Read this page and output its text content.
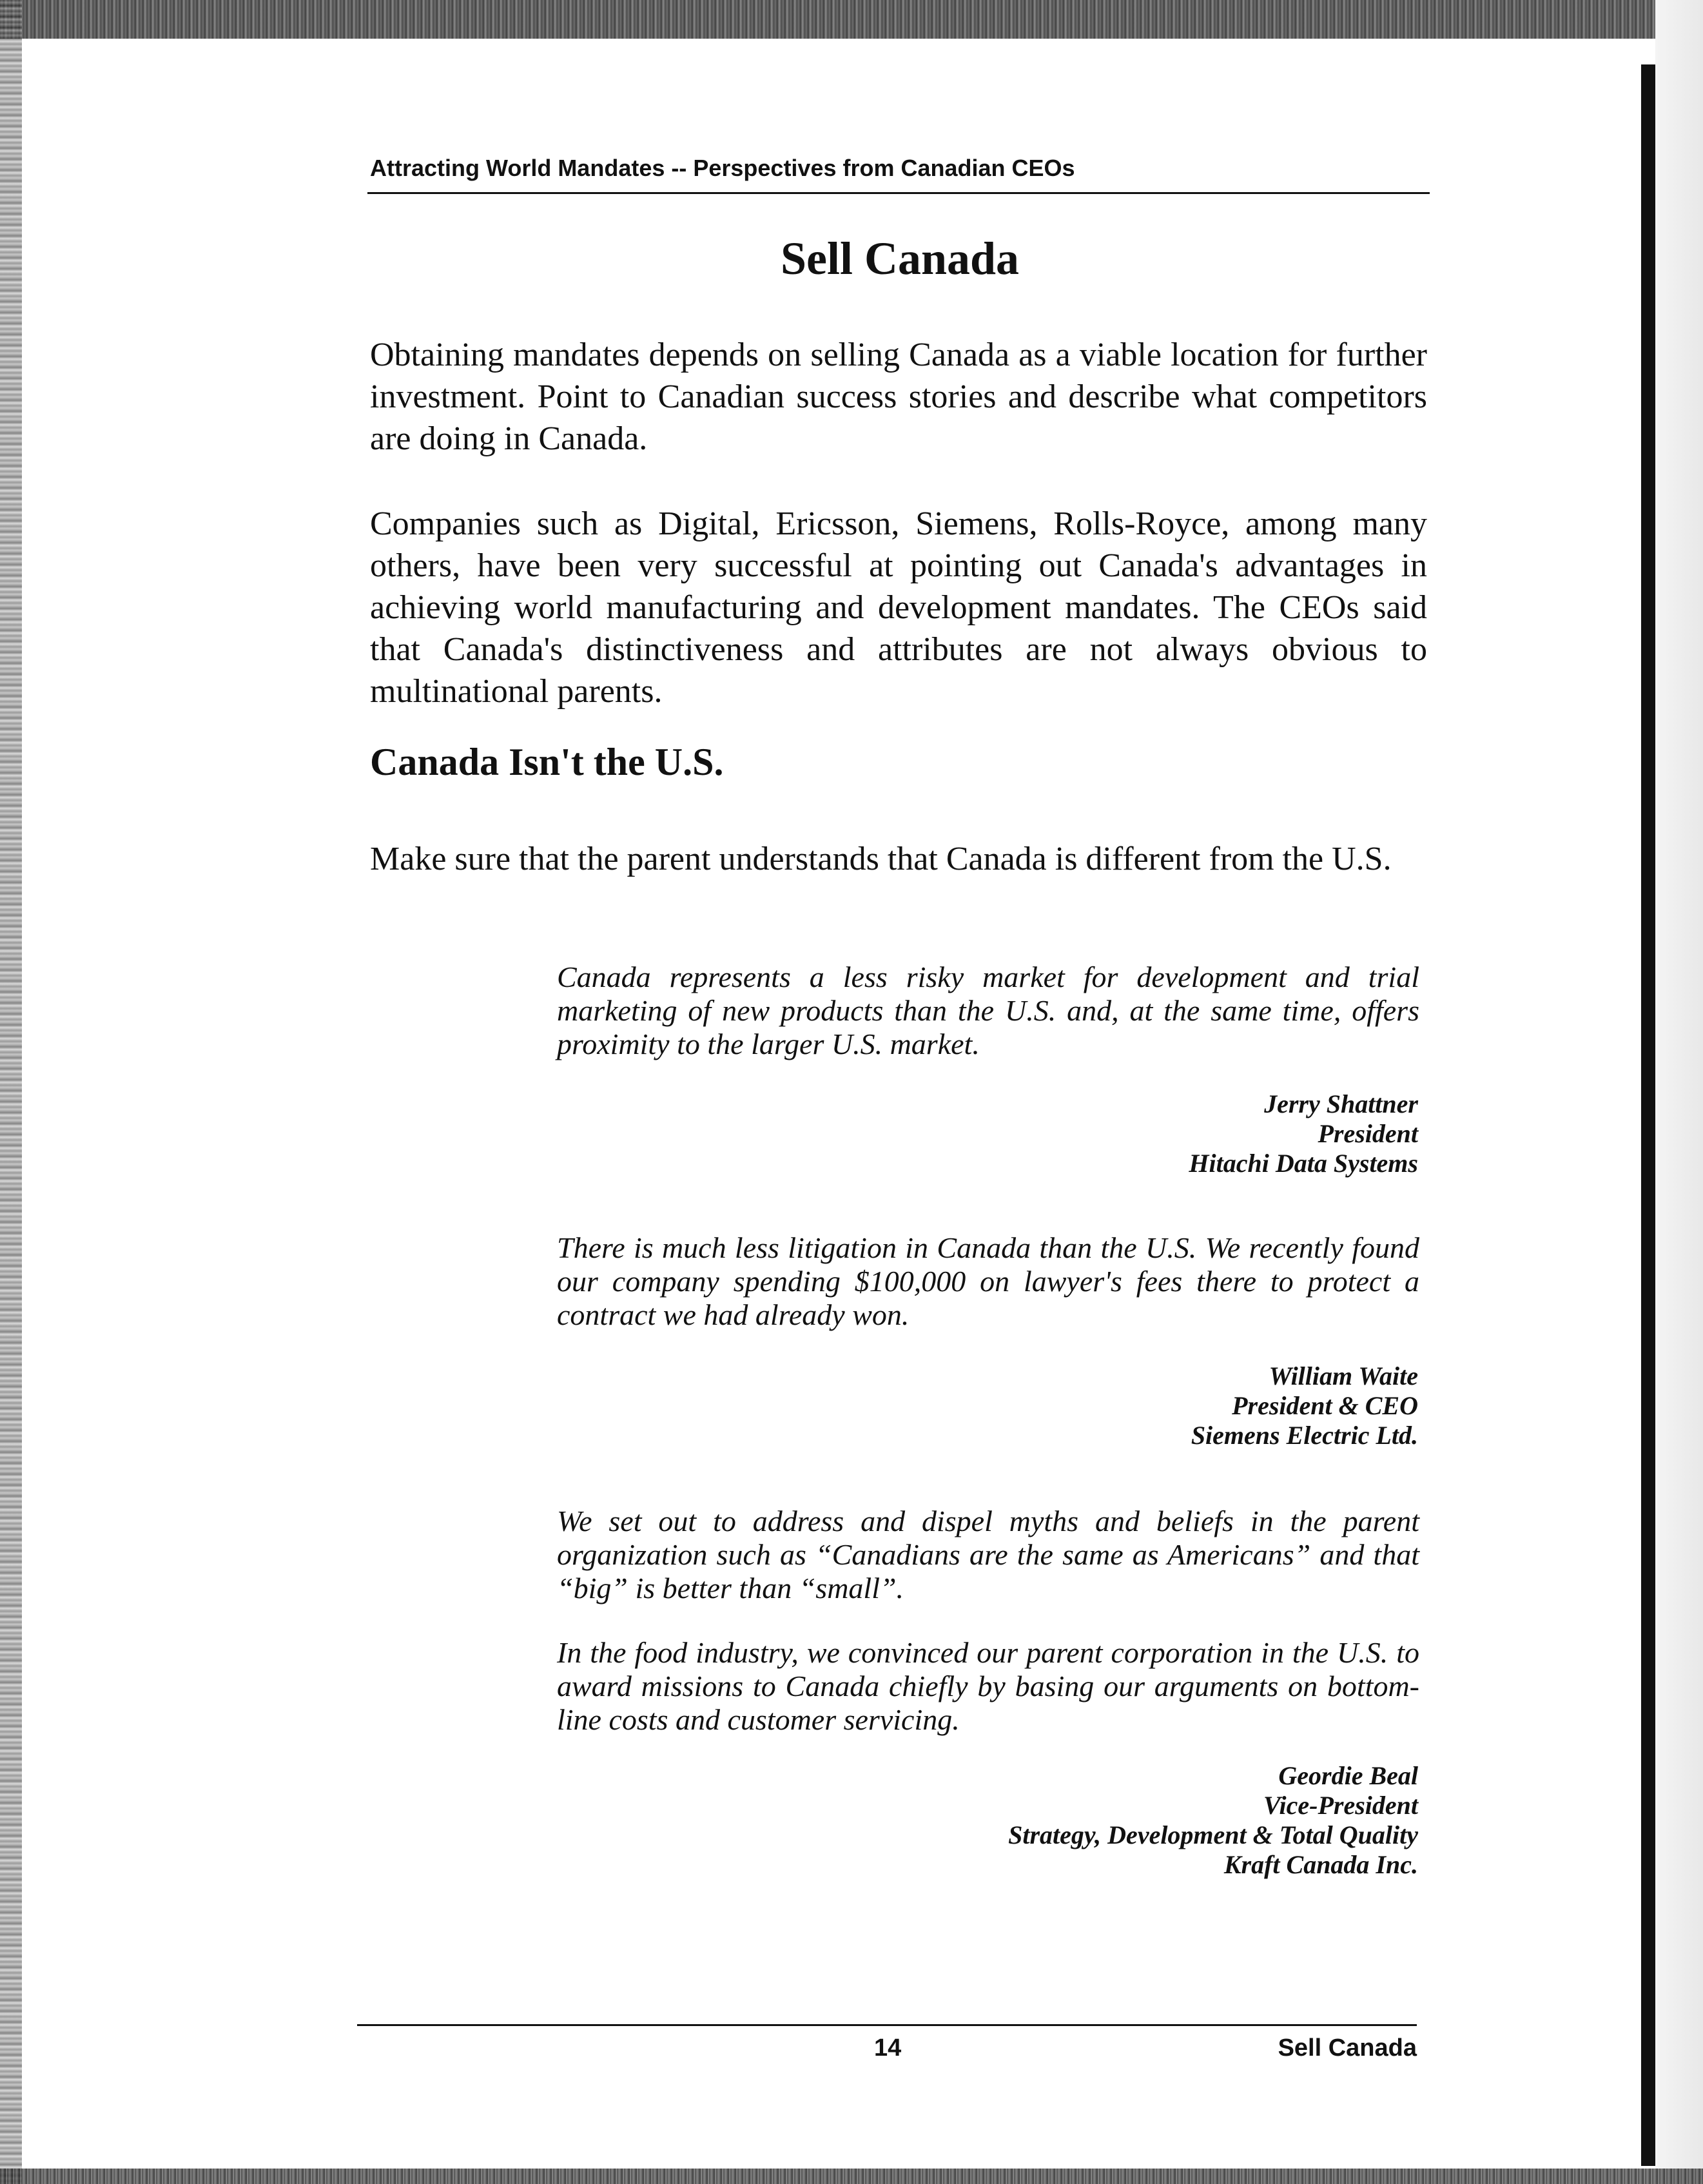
Attracting World Mandates -- Perspectives from Canadian CEOs
Sell Canada

Obtaining mandates depends on selling Canada as a viable location for further investment. Point to Canadian success stories and describe what competitors are doing in Canada.

Companies such as Digital, Ericsson, Siemens, Rolls-Royce, among many others, have been very successful at pointing out Canada's advantages in achieving world manufacturing and development mandates. The CEOs said that Canada's distinctiveness and attributes are not always obvious to multinational parents.

Canada Isn't the U.S.

Make sure that the parent understands that Canada is different from the U.S.

Canada represents a less risky market for development and trial marketing of new products than the U.S. and, at the same time, offers proximity to the larger U.S. market.

Jerry Shattner
President
Hitachi Data Systems

There is much less litigation in Canada than the U.S. We recently found our company spending $100,000 on lawyer's fees there to protect a contract we had already won.

William Waite
President & CEO
Siemens Electric Ltd.

We set out to address and dispel myths and beliefs in the parent organization such as “Canadians are the same as Americans” and that “big” is better than “small”.

In the food industry, we convinced our parent corporation in the U.S. to award missions to Canada chiefly by basing our arguments on bottom-line costs and customer servicing.

Geordie Beal
Vice-President
Strategy, Development & Total Quality
Kraft Canada Inc.
14	Sell Canada
